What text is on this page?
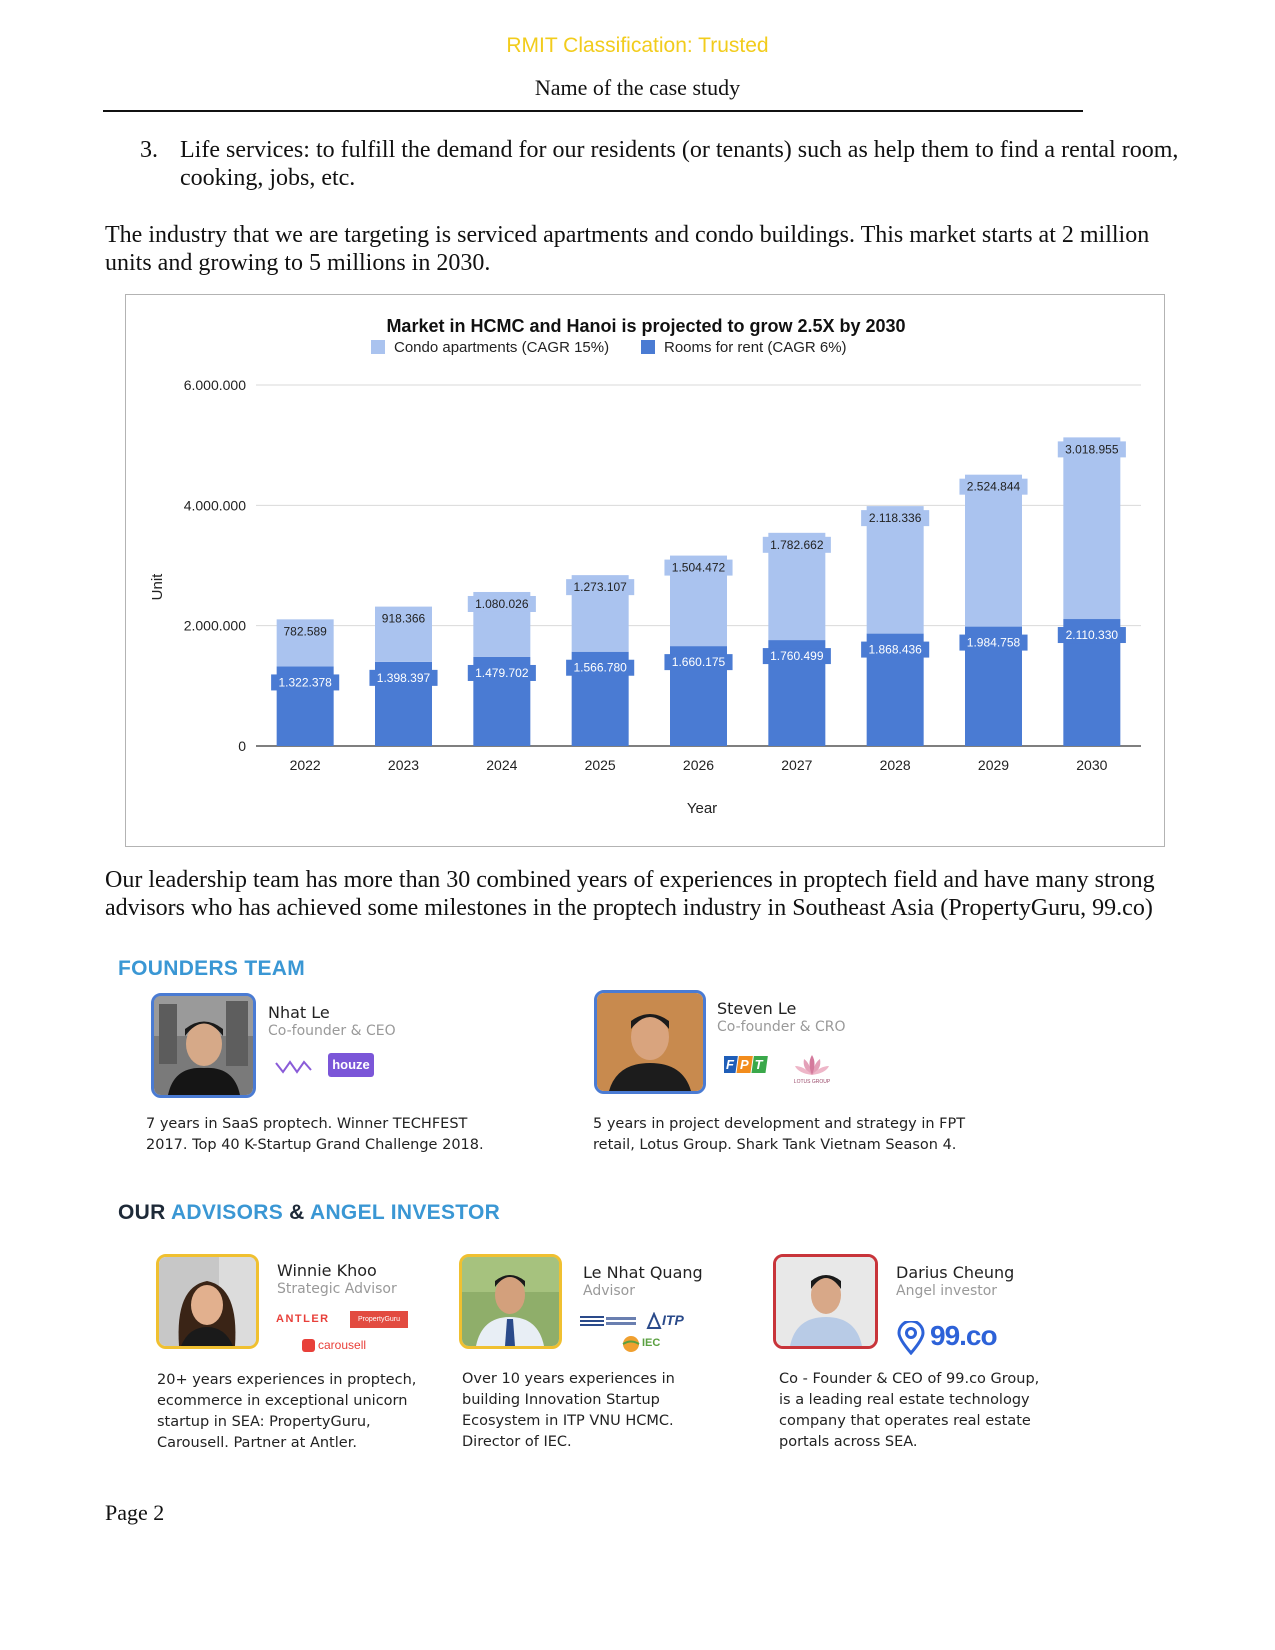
RMIT Classification: Trusted
Name of the case study
3. Life services: to fulfill the demand for our residents (or tenants) such as help them to find a rental room, cooking, jobs, etc.
The industry that we are targeting is serviced apartments and condo buildings. This market starts at 2 million units and growing to 5 millions in 2030.
Market in HCMC and Hanoi is projected to grow 2.5X by 2030
Condo apartments (CAGR 15%)	Rooms for rent (CAGR 6%)
0
2.000.000
4.000.000
6.000.000
1.322.378
782.589
1.398.397
918.366
1.479.702
1.080.026
1.566.780
1.273.107
1.660.175
1.504.472
1.760.499
1.782.662
1.868.436
2.118.336
1.984.758
2.524.844
2.110.330
3.018.955
2022	2023	2024	2025	2026	2027	2028	2029	2030
Year
Unit
Our leadership team has more than 30 combined years of experiences in proptech field and have many strong advisors who has achieved some milestones in the proptech industry in Southeast Asia (PropertyGuru, 99.co)
FOUNDERS TEAM
Nhat Le
Co-founder & CEO
houze
7 years in SaaS proptech. Winner TECHFEST
2017. Top 40 K-Startup Grand Challenge 2018.
Steven Le
Co-founder & CRO
FPT
LOTUS GROUP
5 years in project development and strategy in FPT
retail, Lotus Group. Shark Tank Vietnam Season 4.
OUR ADVISORS & ANGEL INVESTOR
Winnie Khoo
Strategic Advisor
ANTLER	PropertyGuru
carousell
20+ years experiences in proptech,
ecommerce in exceptional unicorn
startup in SEA: PropertyGuru,
Carousell. Partner at Antler.
Le Nhat Quang
Advisor
ITP
IEC
Over 10 years experiences in
building Innovation Startup
Ecosystem in ITP VNU HCMC.
Director of IEC.
Darius Cheung
Angel investor
99.co
Co - Founder & CEO of 99.co Group,
is a leading real estate technology
company that operates real estate
portals across SEA.
Page 2
